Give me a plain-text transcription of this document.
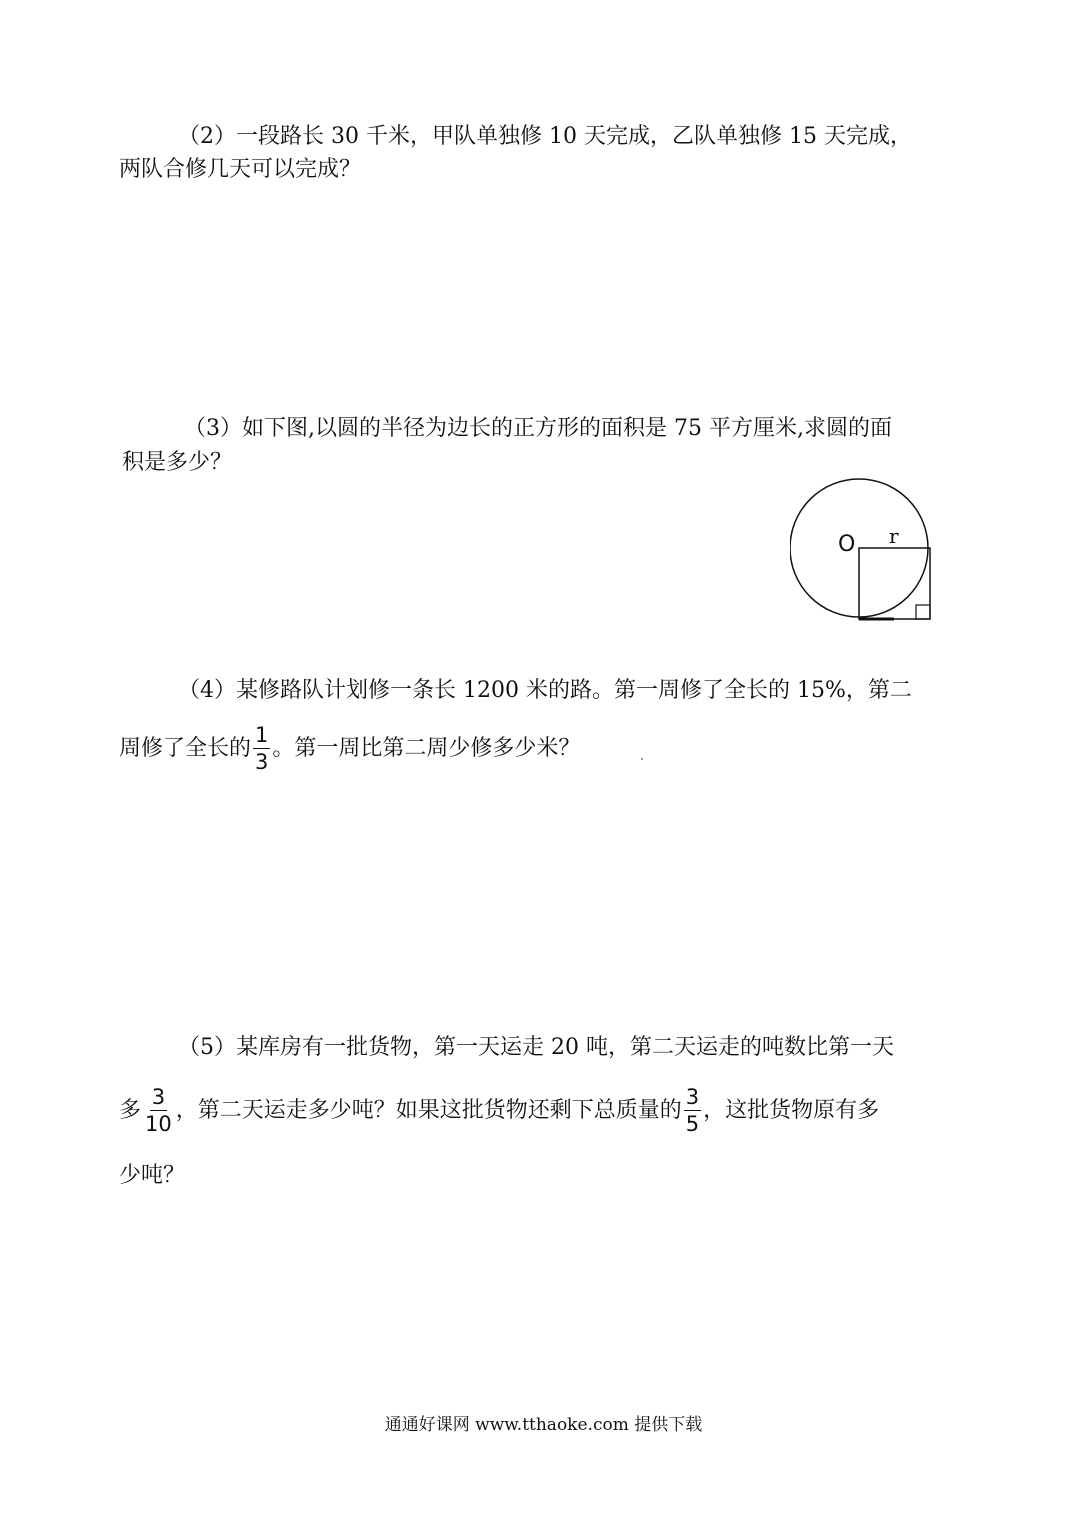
（2）一段路长 30 千米，甲队单独修 10 天完成，乙队单独修 15 天完成，
两队合修几天可以完成？
（3）如下图,以圆的半径为边长的正方形的面积是 75 平方厘米,求圆的面
积是多少？
O r
（4）某修路队计划修一条长 1200 米的路。第一周修了全长的 15%，第二
周修了全长的 $\frac{1}{3}$ 。第一周比第二周少修多少米？
（5）某库房有一批货物，第一天运走 20 吨，第二天运走的吨数比第一天
多 $\frac{3}{10}$ ，第二天运走多少吨？如果这批货物还剩下总质量的 $\frac{3}{5}$ ，这批货物原有多
少吨？
通通好课网 www.tthaoke.com 提供下载
